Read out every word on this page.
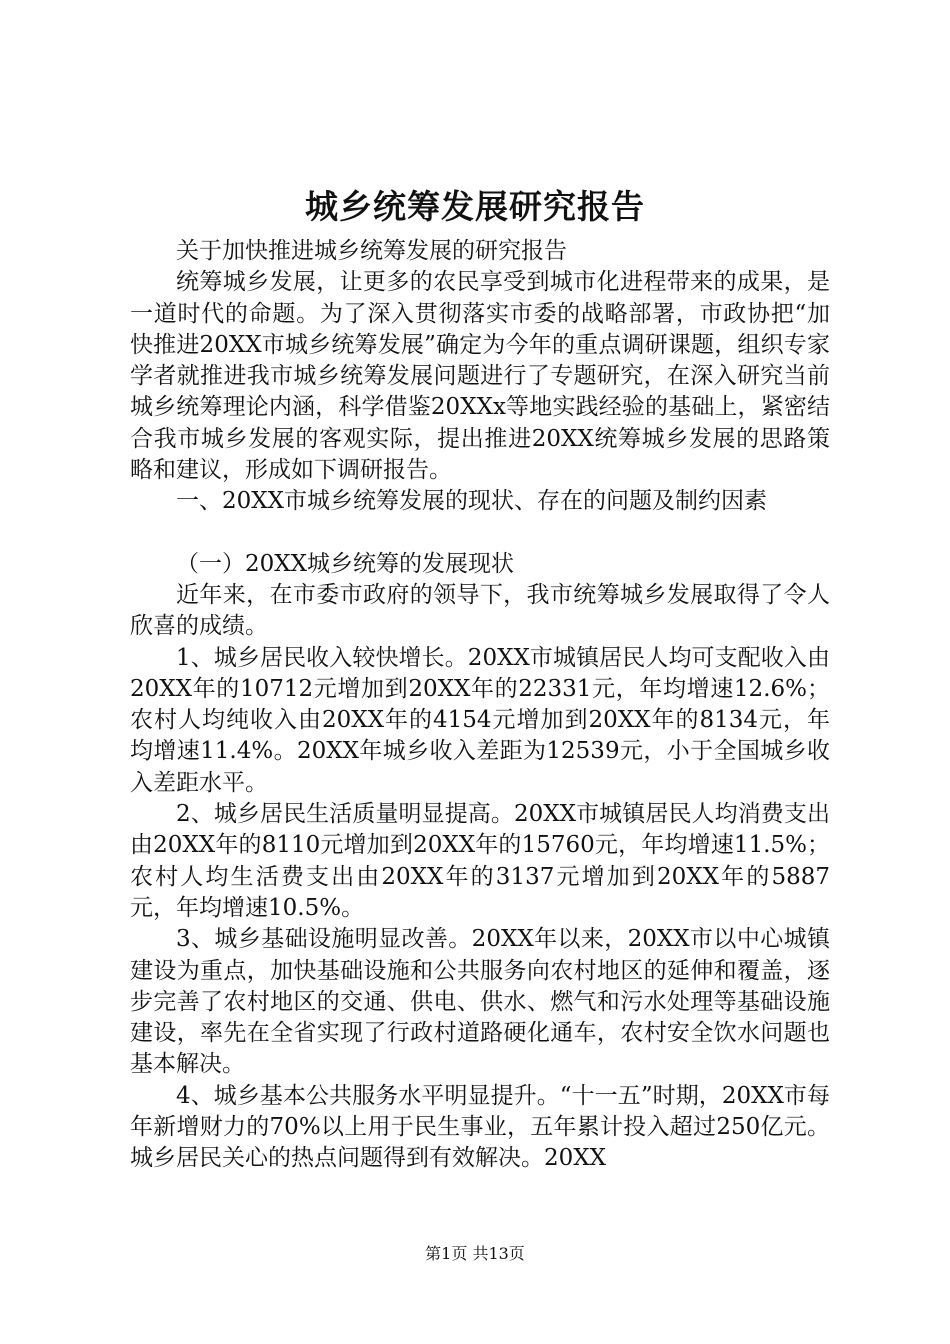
城乡统筹发展研究报告

关于加快推进城乡统筹发展的研究报告

统筹城乡发展，让更多的农民享受到城市化进程带来的成果，是一道时代的命题。为了深入贯彻落实市委的战略部署，市政协把“加快推进20XX市城乡统筹发展”确定为今年的重点调研课题，组织专家学者就推进我市城乡统筹发展问题进行了专题研究，在深入研究当前城乡统筹理论内涵，科学借鉴20XXx等地实践经验的基础上，紧密结合我市城乡发展的客观实际，提出推进20XX统筹城乡发展的思路策略和建议，形成如下调研报告。

一、20XX市城乡统筹发展的现状、存在的问题及制约因素

（一）20XX城乡统筹的发展现状

近年来，在市委市政府的领导下，我市统筹城乡发展取得了令人欣喜的成绩。

1、城乡居民收入较快增长。20XX市城镇居民人均可支配收入由20XX年的10712元增加到20XX年的22331元，年均增速12.6%；农村人均纯收入由20XX年的4154元增加到20XX年的8134元，年均增速11.4%。20XX年城乡收入差距为12539元，小于全国城乡收入差距水平。

2、城乡居民生活质量明显提高。20XX市城镇居民人均消费支出由20XX年的8110元增加到20XX年的15760元，年均增速11.5%；农村人均生活费支出由20XX年的3137元增加到20XX年的5887元，年均增速10.5%。

3、城乡基础设施明显改善。20XX年以来，20XX市以中心城镇建设为重点，加快基础设施和公共服务向农村地区的延伸和覆盖，逐步完善了农村地区的交通、供电、供水、燃气和污水处理等基础设施建设，率先在全省实现了行政村道路硬化通车，农村安全饮水问题也基本解决。

4、城乡基本公共服务水平明显提升。“十一五”时期，20XX市每年新增财力的70%以上用于民生事业，五年累计投入超过250亿元。城乡居民关心的热点问题得到有效解决。20XX

第1页 共13页
